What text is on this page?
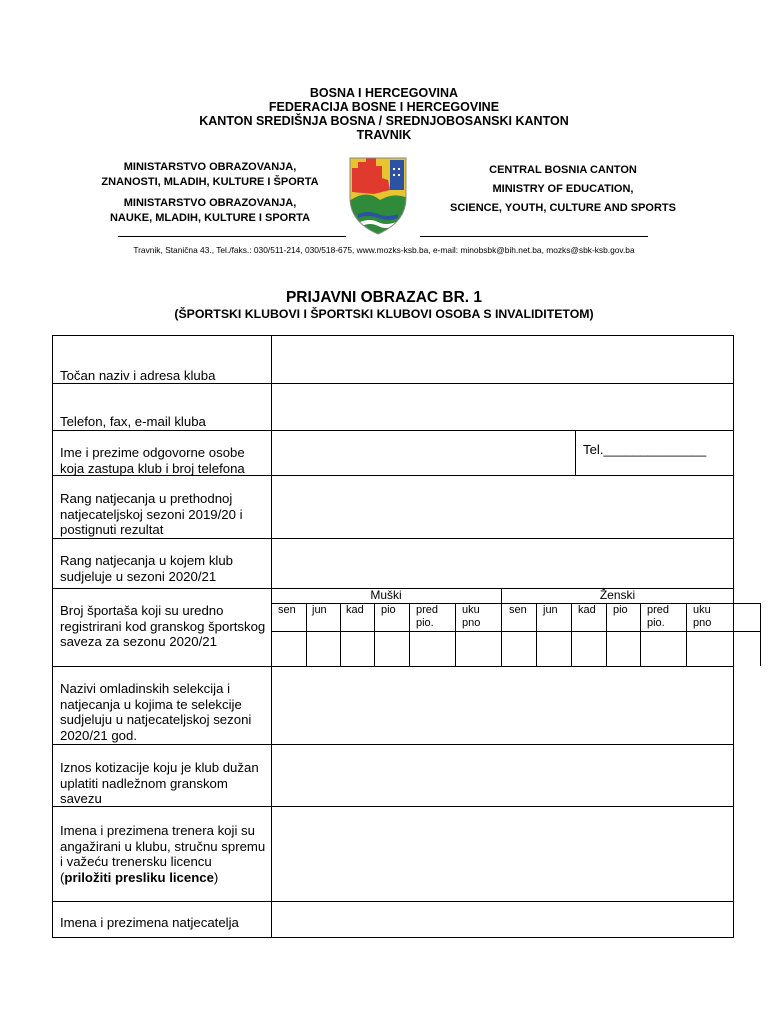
BOSNA I HERCEGOVINA
FEDERACIJA BOSNE I HERCEGOVINE
KANTON SREDIŠNJA BOSNA / SREDNJOBOSANSKI KANTON
TRAVNIK
MINISTARSTVO OBRAZOVANJA,
ZNANOSTI, MLADIH, KULTURE I ŠPORTA
MINISTARSTVO OBRAZOVANJA,
NAUKE, MLADIH, KULTURE I SPORTA
CENTRAL BOSNIA CANTON
MINISTRY OF EDUCATION,
SCIENCE, YOUTH, CULTURE AND SPORTS
Travnik, Stanična 43., Tel./faks.: 030/511-214, 030/518-675, www.mozks-ksb.ba, e-mail: minobsbk@bih.net.ba, mozks@sbk-ksb.gov.ba
PRIJAVNI OBRAZAC BR. 1
(ŠPORTSKI KLUBOVI I ŠPORTSKI KLUBOVI OSOBA S INVALIDITETOM)
Muški	Ženski
sen jun kad pio pred pio.
uku pno
sen jun kad pio pred pio.
uku pno
Točan naziv i adresa kluba
Telefon, fax, e-mail kluba
Ime i prezime odgovorne osobe koja zastupa klub i broj telefona
Rang natjecanja u prethodnoj natjecateljskoj sezoni 2019/20 i postignuti rezultat
Rang natjecanja u kojem klub sudjeluje u sezoni 2020/21
Broj športaša koji su uredno registrirani kod granskog športskog saveza za sezonu 2020/21
Nazivi omladinskih selekcija i natjecanja u kojima te selekcije sudjeluju u natjecateljskoj sezoni 2020/21 god.
Iznos kotizacije koju je klub dužan uplatiti nadležnom granskom savezu
Imena i prezimena trenera koji su angažirani u klubu, stručnu spremu i važeću trenersku licencu
(priložiti presliku licence)
Imena i prezimena natjecatelja
Tel.______________
